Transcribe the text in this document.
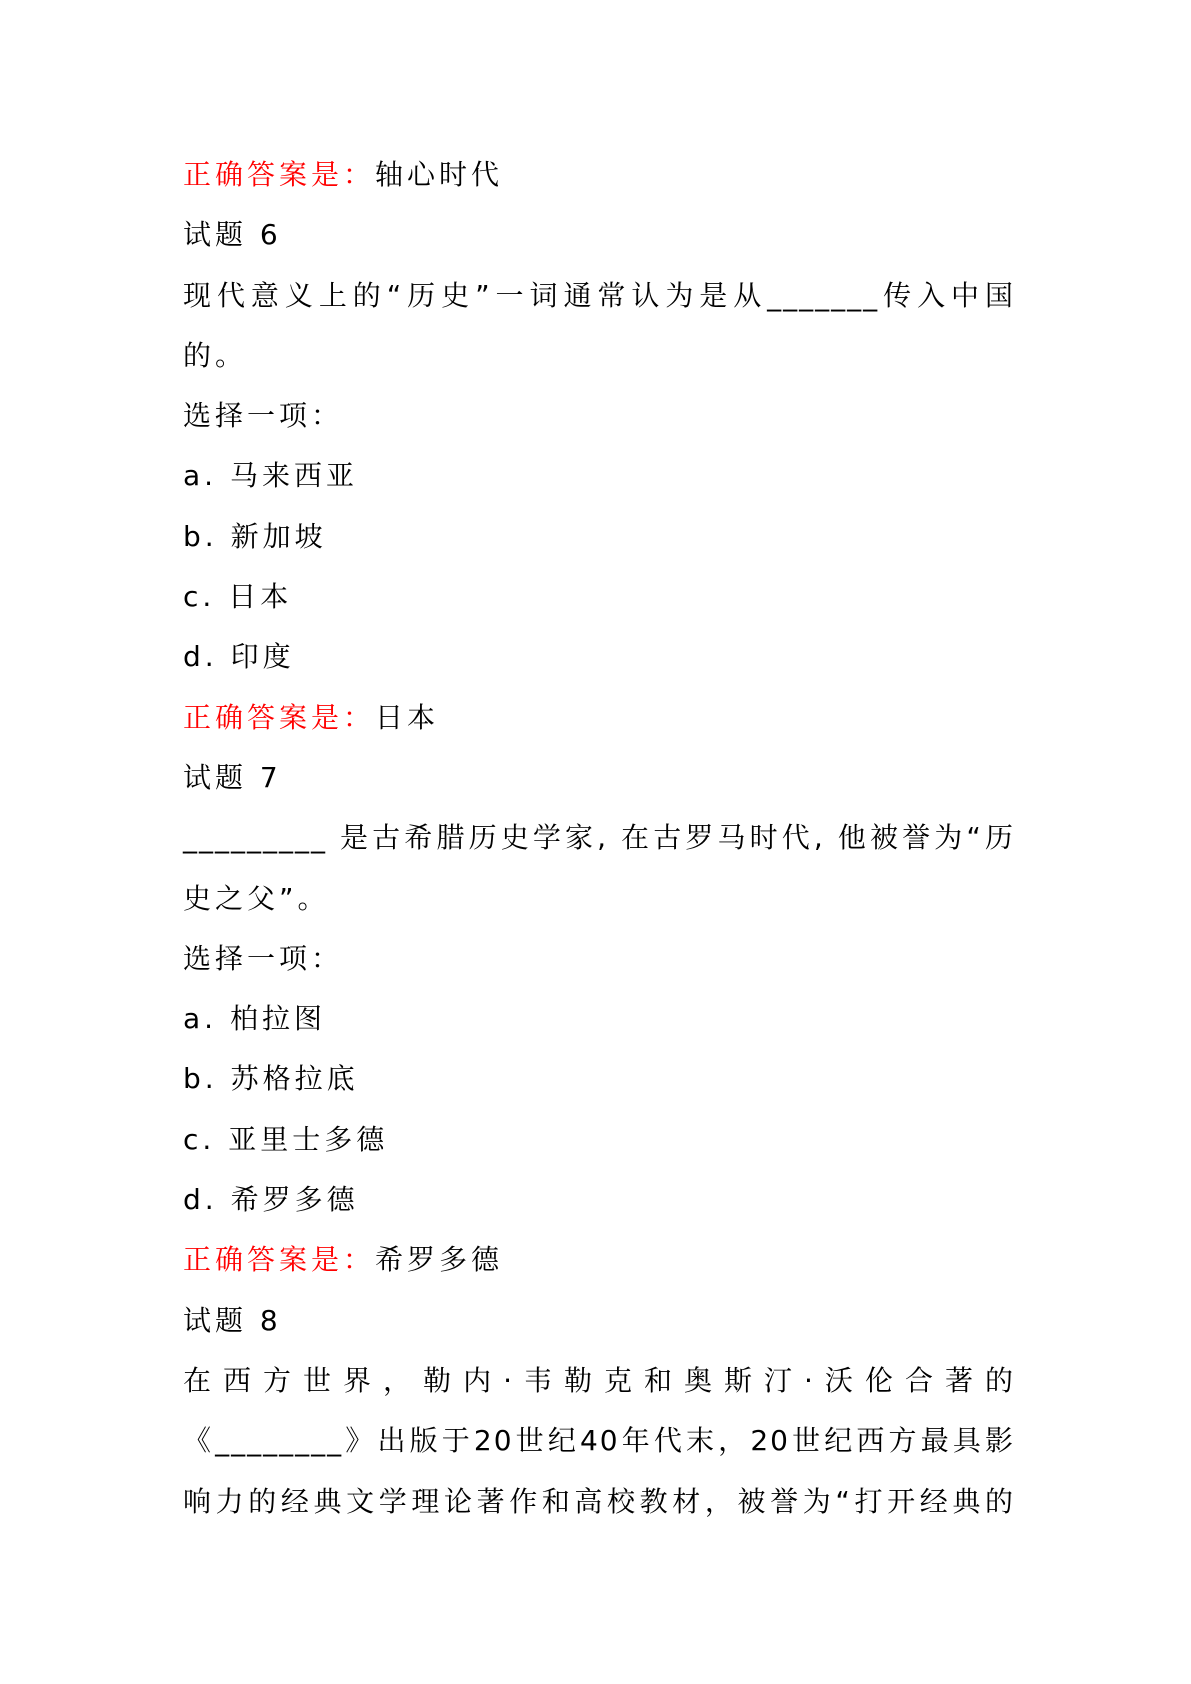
正确答案是：轴心时代
试题 6
现代意义上的“历史”一词通常认为是从_______传入中国
的。
选择一项：
a. 马来西亚
b. 新加坡
c. 日本
d. 印度
正确答案是：日本
试题 7
_________ 是古希腊历史学家, 在古罗马时代, 他被誉为“历
史之父”。
选择一项：
a. 柏拉图
b. 苏格拉底
c. 亚里士多德
d. 希罗多德
正确答案是：希罗多德
试题 8
在西方世界，勒内·韦勒克和奥斯汀·沃伦合著的
《________》出版于20世纪40年代末，20世纪西方最具影
响力的经典文学理论著作和高校教材，被誉为“打开经典的
